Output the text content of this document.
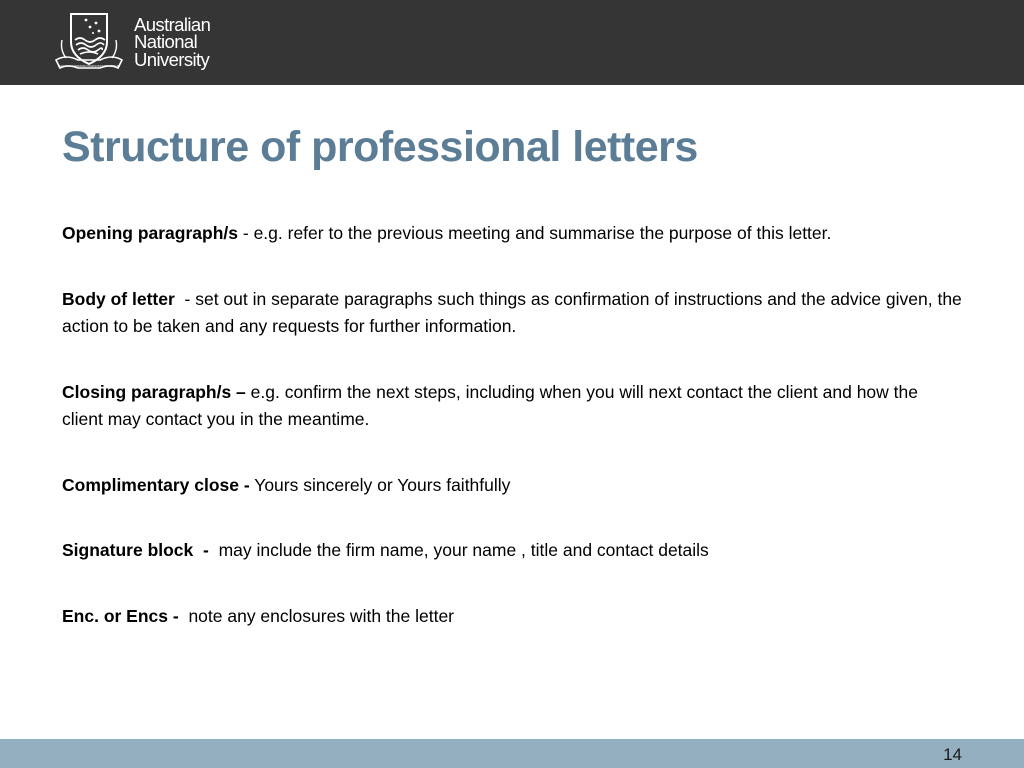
NATURAM PRIMUM COGNOSCERE RERUM
Australian
National
University
Structure of professional letters

Opening paragraph/s - e.g. refer to the previous meeting and summarise the purpose of this letter.

Body of letter  - set out in separate paragraphs such things as confirmation of instructions and the advice given, the action to be taken and any requests for further information.

Closing paragraph/s – e.g. confirm the next steps, including when you will next contact the client and how the client may contact you in the meantime.

Complimentary close - Yours sincerely or Yours faithfully

Signature block  - may include the firm name, your name , title and contact details

Enc. or Encs - note any enclosures with the letter

14
